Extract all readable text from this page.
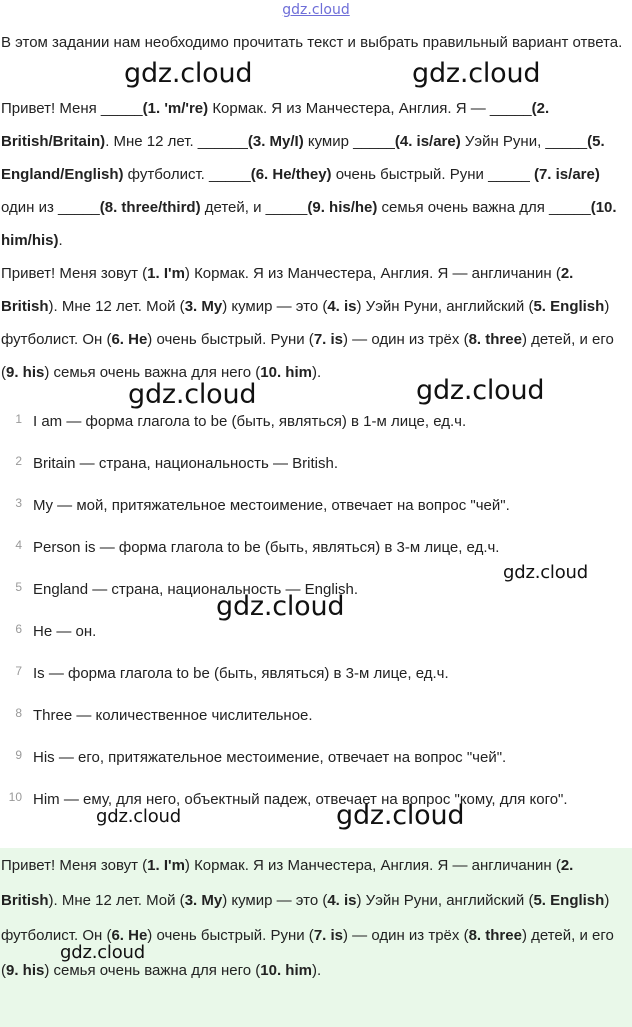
gdz.cloud

В этом задании нам необходимо прочитать текст и выбрать правильный вариант ответа.

Привет! Меня _____(1. 'm/'re) Кормак. Я из Манчестера, Англия. Я — _____(2. British/Britain). Мне 12 лет. ______(3. My/I) кумир _____(4. is/are) Уэйн Руни, _____(5. England/English) футболист. _____(6. He/they) очень быстрый. Руни _____ (7. is/are) один из _____(8. three/third) детей, и _____(9. his/he) семья очень важна для _____(10. him/his).

Привет! Меня зовут (1. I'm) Кормак. Я из Манчестера, Англия. Я — англичанин (2. British). Мне 12 лет. Мой (3. My) кумир — это (4. is) Уэйн Руни, английский (5. English) футболист. Он (6. He) очень быстрый. Руни (7. is) — один из трёх (8. three) детей, и его (9. his) семья очень важна для него (10. him).

1 I am — форма глагола to be (быть, являться) в 1-м лице, ед.ч.
2 Britain — страна, национальность — British.
3 My — мой, притяжательное местоимение, отвечает на вопрос "чей".
4 Person is — форма глагола to be (быть, являться) в 3-м лице, ед.ч.
5 England — страна, национальность — English.
6 He — он.
7 Is — форма глагола to be (быть, являться) в 3-м лице, ед.ч.
8 Three — количественное числительное.
9 His — его, притяжательное местоимение, отвечает на вопрос "чей".
10 Him — ему, для него, объектный падеж, отвечает на вопрос "кому, для кого".

Привет! Меня зовут (1. I'm) Кормак. Я из Манчестера, Англия. Я — англичанин (2. British). Мне 12 лет. Мой (3. My) кумир — это (4. is) Уэйн Руни, английский (5. English) футболист. Он (6. He) очень быстрый. Руни (7. is) — один из трёх (8. three) детей, и его (9. his) семья очень важна для него (10. him).

gdz.cloud	gdz.cloud
gdz.cloud	gdz.cloud
gdz.cloud
gdz.cloud
gdz.cloud	gdz.cloud
gdz.cloud
